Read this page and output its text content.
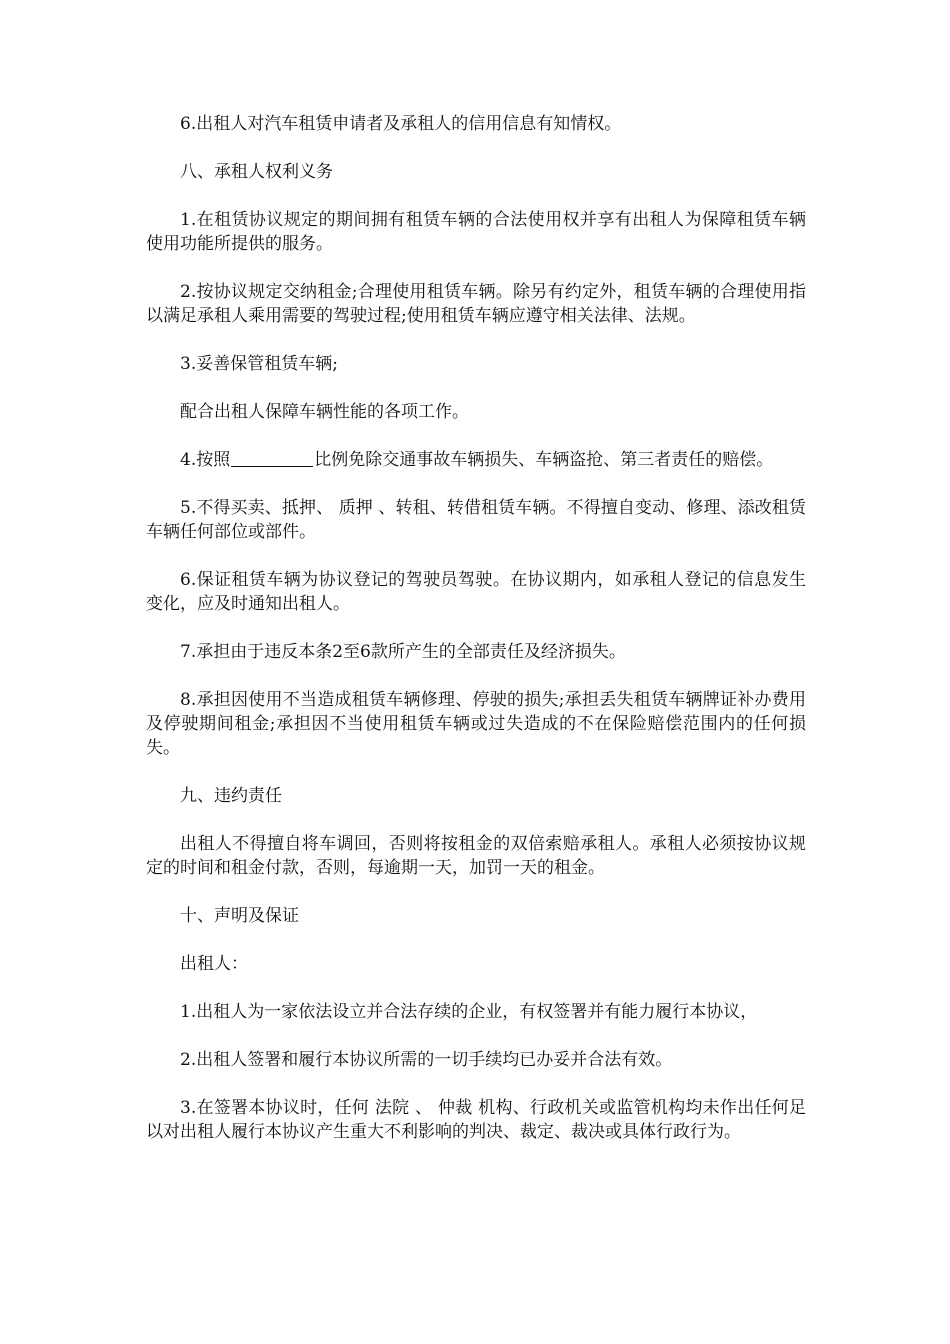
6.出租人对汽车租赁申请者及承租人的信用信息有知情权。

八、承租人权利义务

1.在租赁协议规定的期间拥有租赁车辆的合法使用权并享有出租人为保障租赁车辆使用功能所提供的服务。

2.按协议规定交纳租金;合理使用租赁车辆。除另有约定外，租赁车辆的合理使用指以满足承租人乘用需要的驾驶过程;使用租赁车辆应遵守相关法律、法规。

3.妥善保管租赁车辆;

配合出租人保障车辆性能的各项工作。

4.按照	比例免除交通事故车辆损失、车辆盗抢、第三者责任的赔偿。

5.不得买卖、抵押、 质押 、转租、转借租赁车辆。不得擅自变动、修理、添改租赁车辆任何部位或部件。

6.保证租赁车辆为协议登记的驾驶员驾驶。在协议期内，如承租人登记的信息发生变化，应及时通知出租人。

7.承担由于违反本条2至6款所产生的全部责任及经济损失。

8.承担因使用不当造成租赁车辆修理、停驶的损失;承担丢失租赁车辆牌证补办费用及停驶期间租金;承担因不当使用租赁车辆或过失造成的不在保险赔偿范围内的任何损失。

九、违约责任

出租人不得擅自将车调回，否则将按租金的双倍索赔承租人。承租人必须按协议规定的时间和租金付款，否则，每逾期一天，加罚一天的租金。

十、声明及保证

出租人：

1.出租人为一家依法设立并合法存续的企业，有权签署并有能力履行本协议，

2.出租人签署和履行本协议所需的一切手续均已办妥并合法有效。

3.在签署本协议时，任何 法院 、 仲裁 机构、行政机关或监管机构均未作出任何足以对出租人履行本协议产生重大不利影响的判决、裁定、裁决或具体行政行为。
